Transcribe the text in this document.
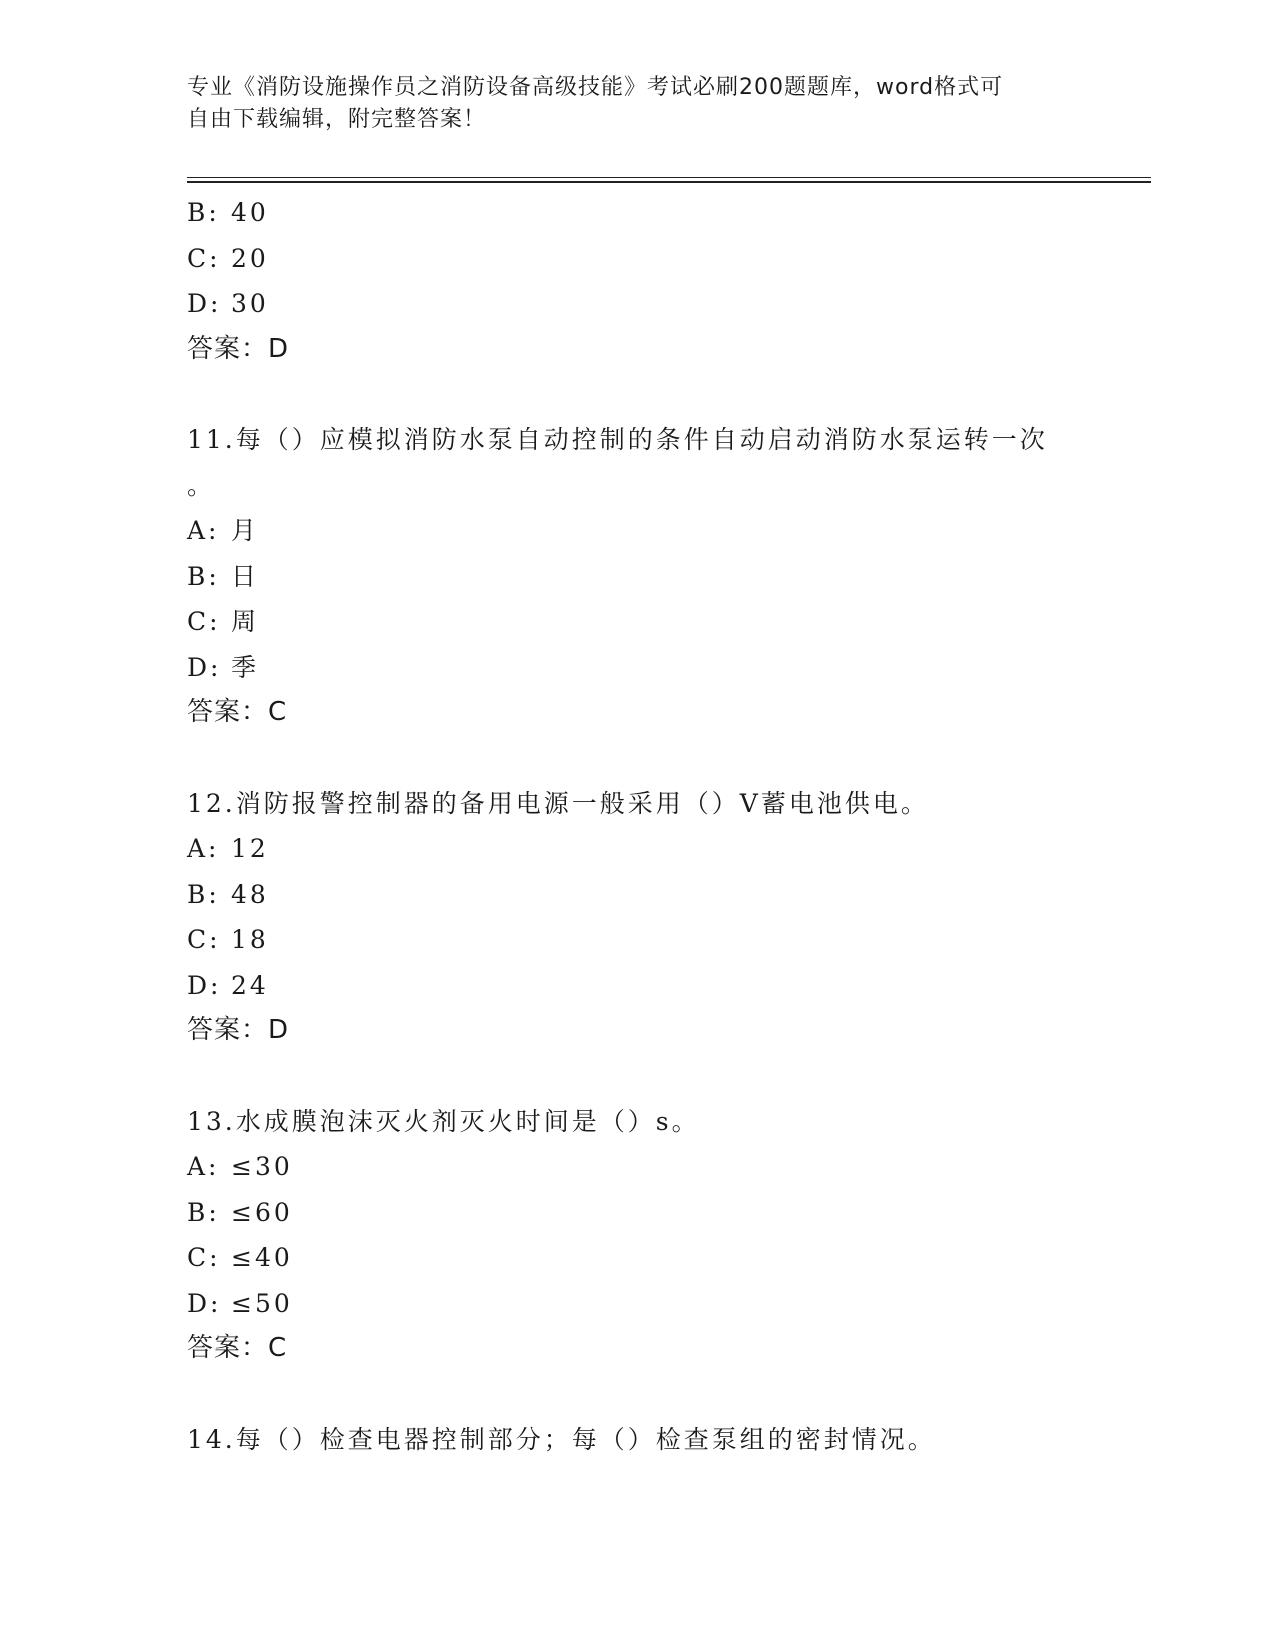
专业《消防设施操作员之消防设备高级技能》考试必刷200题题库，word格式可
自由下载编辑，附完整答案！
B: 40
C: 20
D: 30
答案：D
11.每（）应模拟消防水泵自动控制的条件自动启动消防水泵运转一次
。
A: 月
B: 日
C: 周
D: 季
答案：C
12.消防报警控制器的备用电源一般采用（）V蓄电池供电。
A: 12
B: 48
C: 18
D: 24
答案：D
13.水成膜泡沫灭火剂灭火时间是（）s。
A: ≤30
B: ≤60
C: ≤40
D: ≤50
答案：C
14.每（）检查电器控制部分；每（）检查泵组的密封情况。
